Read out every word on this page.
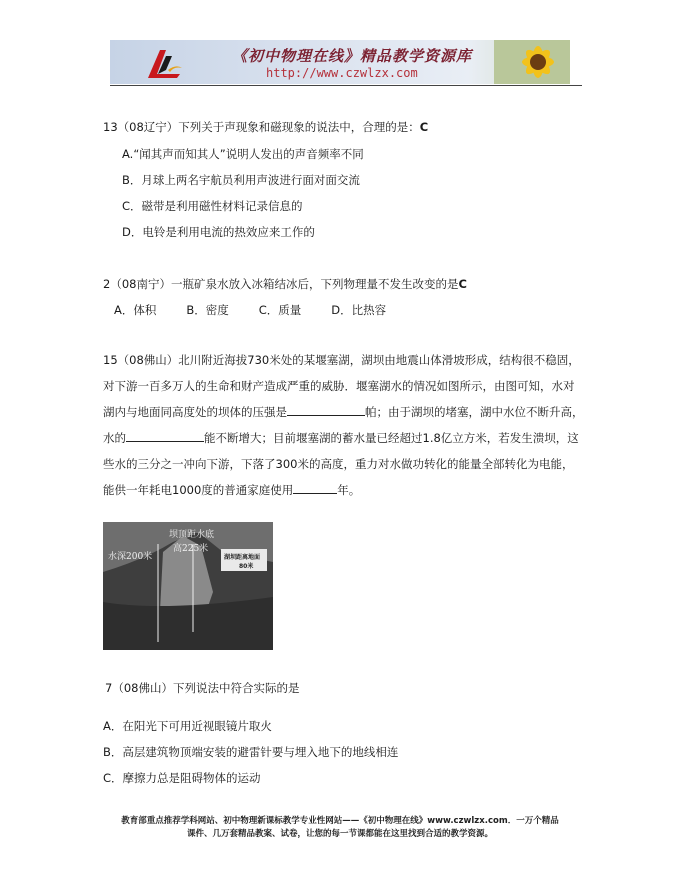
《初中物理在线》精品教学资源库
http://www.czwlzx.com
13（08辽宁）下列关于声现象和磁现象的说法中，合理的是：C
A.“闻其声而知其人”说明人发出的声音频率不同
B．月球上两名宇航员利用声波进行面对面交流
C．磁带是利用磁性材料记录信息的
D．电铃是利用电流的热效应来工作的
2（08南宁）一瓶矿泉水放入冰箱结冰后，下列物理量不发生改变的是C
A．体积	B．密度	C．质量	D．比热容
15（08佛山）北川附近海拔730米处的某堰塞湖，湖坝由地震山体滑坡形成，结构很不稳固，
对下游一百多万人的生命和财产造成严重的威胁．堰塞湖水的情况如图所示，由图可知，水对
湖内与地面同高度处的坝体的压强是	帕；由于湖坝的堵塞，湖中水位不断升高，
水的	能不断增大；目前堰塞湖的蓄水量已经超过1.8亿立方米，若发生溃坝，这
些水的三分之一冲向下游，下落了300米的高度，重力对水做功转化的能量全部转化为电能，
能供一年耗电1000度的普通家庭使用	年。
水深200米
坝顶距水底
高225米
湖坝距离地面
80米
7（08佛山）下列说法中符合实际的是
A．在阳光下可用近视眼镜片取火
B．高层建筑物顶端安装的避雷针要与埋入地下的地线相连
C．摩擦力总是阻碍物体的运动
教育部重点推荐学科网站、初中物理新课标教学专业性网站——《初中物理在线》www.czwlzx.com．一万个精品
课件、几万套精品教案、试卷，让您的每一节课都能在这里找到合适的教学资源。
